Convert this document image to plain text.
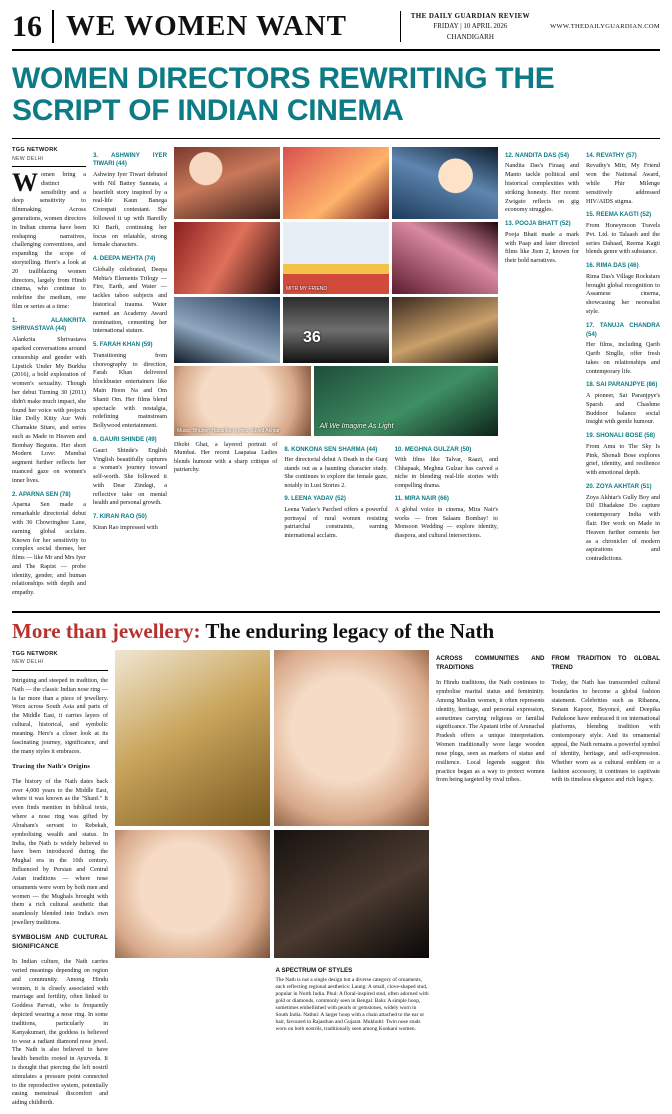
16 WE WOMEN WANT	THE DAILY GUARDIAN REVIEW
FRIDAY | 10 APRIL 2026
CHANDIGARH
WWW.THEDAILYGUARDIAN.COM
WOMEN DIRECTORS REWRITING THE SCRIPT OF INDIAN CINEMA
TGG NETWORK
NEW DELHI

Women bring a distinct sensibility and a deep sensitivity to filmmaking. Across generations, women directors in Indian cinema have been reshaping narratives, challenging conventions, and expanding the scope of storytelling. Here's a look at 20 trailblazing women directors, largely from Hindi cinema, who continue to redefine the medium, one film or series at a time:

1. ALANKRITA SHRIVASTAVA (44)

Alankrita Shrivastava sparked conversations around censorship and gender with Lipstick Under My Burkha (2016), a bold exploration of women's sexuality. Though her debut Turning 30 (2011) didn't make much impact, she found her voice with projects like Dolly Kitty Aur Woh Chamakte Sitare, and series such as Made in Heaven and Bombay Begums. Her short Modern Love: Mumbai segment further reflects her nuanced gaze on women's inner lives.

2. APARNA SEN (78)

Aparna Sen made a remarkable directorial debut with 36 Chowringhee Lane, earning global acclaim. Known for her sensitivity to complex social themes, her films — like Mr and Mrs Iyer and The Rapist — probe identity, gender, and human relationships with depth and empathy.

3. ASHWINY IYER TIWARI (44)

Ashwiny Iyer Tiwari debuted with Nil Battey Sannata, a heartfelt story inspired by a real-life Kaun Banega Crorepati contestant. She followed it up with Bareilly Ki Barfi, continuing her focus on relatable, strong female characters.

4. DEEPA MEHTA (74)

Globally celebrated, Deepa Mehta's Elements Trilogy — Fire, Earth, and Water — tackles taboo subjects and historical trauma. Water earned an Academy Award nomination, cementing her international stature.

5. FARAH KHAN (59)

Transitioning from choreography to direction, Farah Khan delivered blockbuster entertainers like Main Hoon Na and Om Shanti Om. Her films blend spectacle with nostalgia, redefining mainstream Bollywood entertainment.

6. GAURI SHINDE (49)

Gauri Shinde's English Vinglish beautifully captures a woman's journey toward self-worth. She followed it with Dear Zindagi, a reflective take on mental health and personal growth.

7. KIRAN RAO (50)

Kiran Rao impressed with

MITR MY FRIEND
36
Music: Bhupen Hazarika | Lyrics: Javed Akhtar
All We Imagine As Light
Dhobi Ghat, a layered portrait of Mumbai. Her recent Laapataa Ladies blends humour with a sharp critique of patriarchy.
8. KONKONA SEN SHARMA (44)
Her directorial debut A Death in the Gunj stands out as a haunting character study. She continues to explore the female gaze, notably in Lust Stories 2.
9. LEENA YADAV (52)
Leena Yadav's Parched offers a powerful portrayal of rural women resisting patriarchal constraints, earning international acclaim.
10. MEGHNA GULZAR (50)
With films like Talvar, Raazi, and Chhapaak, Meghna Gulzar has carved a niche in blending real-life stories with compelling drama.
11. MIRA NAIR (66)
A global voice in cinema, Mira Nair's works — from Salaam Bombay! to Monsoon Wedding — explore identity, diaspora, and cultural intersections.
12. NANDITA DAS (54)

Nandita Das's Firaaq and Manto tackle political and historical complexities with striking honesty. Her recent Zwigato reflects on gig economy struggles.

13. POOJA BHATT (52)

Pooja Bhatt made a mark with Paap and later directed films like Jism 2, known for their bold narratives.

14. REVATHY (57)

Revathy's Mitr, My Friend won the National Award, while Phir Milenge sensitively addressed HIV/AIDS stigma.

15. REEMA KAGTI (52)

From Honeymoon Travels Pvt. Ltd. to Talaash and the series Dahaad, Reema Kagti blends genre with substance.

16. RIMA DAS (46)

Rima Das's Village Rockstars brought global recognition to Assamese cinema, showcasing her neorealist style.

17. TANUJA CHANDRA (54)

Her films, including Qarib Qarib Singlle, offer fresh takes on relationships and contemporary life.

18. SAI PARANJPYE (86)

A pioneer, Sai Paranjpye's Sparsh and Chashme Buddoor balance social insight with gentle humour.

19. SHONALI BOSE (58)

From Amu to The Sky Is Pink, Shonali Bose explores grief, identity, and resilience with emotional depth.

20. ZOYA AKHTAR (51)

Zoya Akhtar's Gully Boy and Dil Dhadakne Do capture contemporary India with flair. Her work on Made in Heaven further cements her as a chronicler of modern aspirations and contradictions.

More than jewellery: The enduring legacy of the Nath
TGG NETWORK
NEW DELHI

Intriguing and steeped in tradition, the Nath — the classic Indian nose ring — is far more than a piece of jewellery. Worn across South Asia and parts of the Middle East, it carries layers of cultural, historical, and symbolic meaning. Here's a closer look at its fascinating journey, significance, and the many styles it embraces.

Tracing the Nath's Origins

The history of the Nath dates back over 4,000 years to the Middle East, where it was known as the "Shanf." It even finds mention in biblical texts, where a nose ring was gifted by Abraham's servant to Rebekah, symbolising wealth and status. In India, the Nath is widely believed to have been introduced during the Mughal era in the 16th century. Influenced by Persian and Central Asian traditions — where nose ornaments were worn by both men and women — the Mughals brought with them a rich cultural aesthetic that seamlessly blended into India's own jewellery traditions.

SYMBOLISM AND CULTURAL SIGNIFICANCE

In Indian culture, the Nath carries varied meanings depending on region and community. Among Hindu women, it is closely associated with marriage and fertility, often linked to Goddess Parvati, who is frequently depicted wearing a nose ring. In some traditions, particularly in Kanyakumari, the goddess is believed to wear a radiant diamond nose jewel. The Nath is also believed to have health benefits rooted in Ayurveda. It is thought that piercing the left nostril stimulates a pressure point connected to the reproductive system, potentially easing menstrual discomfort and aiding childbirth.

A SPECTRUM OF STYLES
The Nath is not a single design but a diverse category of ornaments, each reflecting regional aesthetics: Laung: A small, clove-shaped stud, popular in North India. Phul: A floral-inspired stud, often adorned with gold or diamonds, commonly seen in Bengal. Balu: A simple hoop, sometimes embellished with pearls or gemstones, widely worn in South India. Nathni: A larger hoop with a chain attached to the ear or hair, favoured in Rajasthan and Gujarat. Mukhutti: Twin nose studs worn on both nostrils, traditionally seen among Konkani women.
ACROSS COMMUNITIES AND TRADITIONS

In Hindu traditions, the Nath continues to symbolise marital status and femininity. Among Muslim women, it often represents identity, heritage, and personal expression, sometimes carrying religious or familial significance. The Apatani tribe of Arunachal Pradesh offers a unique interpretation. Women traditionally wore large wooden nose plugs, seen as markers of status and resilience. Local legends suggest this practice began as a way to protect women from being targeted by rival tribes.

FROM TRADITION TO GLOBAL TREND

Today, the Nath has transcended cultural boundaries to become a global fashion statement. Celebrities such as Rihanna, Sonam Kapoor, Beyoncé, and Deepika Padukone have embraced it on international platforms, blending tradition with contemporary style. And its ornamental appeal, the Nath remains a powerful symbol of identity, heritage, and self-expression. Whether worn as a cultural emblem or a fashion accessory, it continues to captivate with its timeless elegance and rich legacy.
